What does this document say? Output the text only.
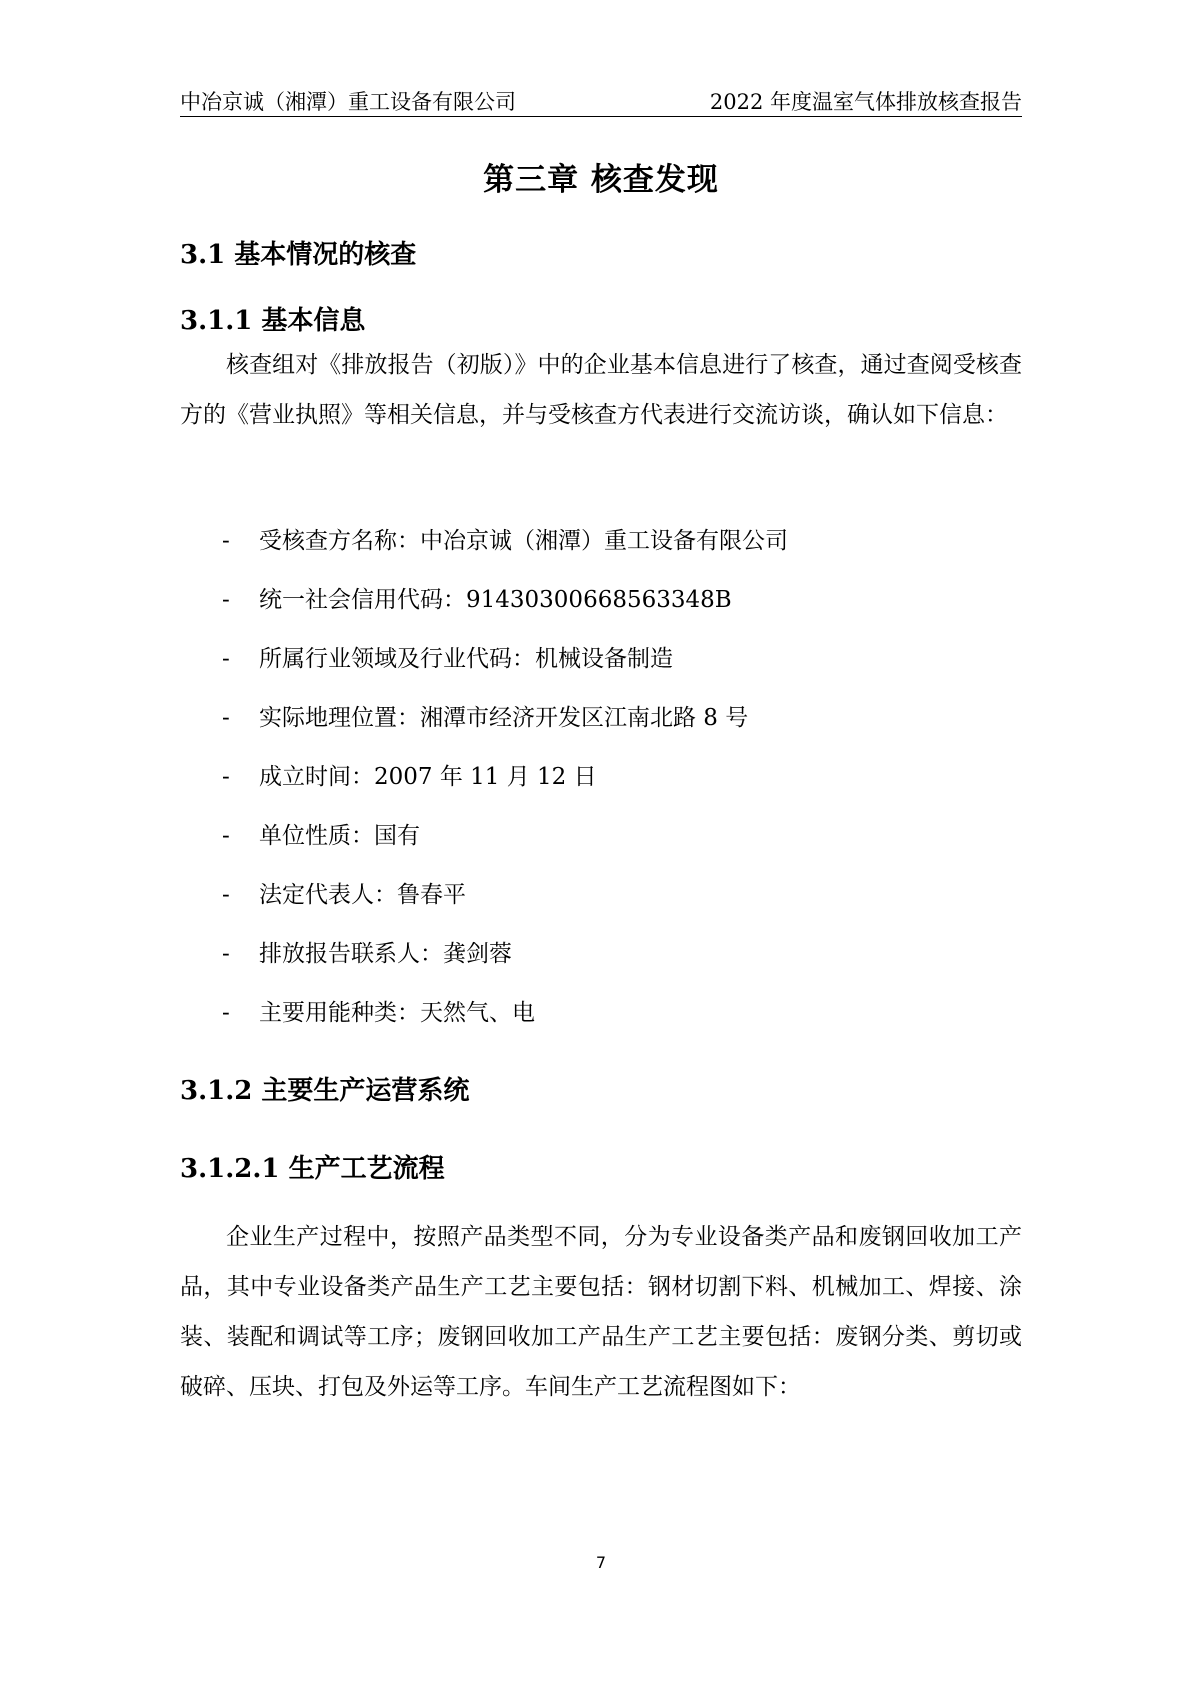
中冶京诚（湘潭）重工设备有限公司	2022 年度温室气体排放核查报告
第三章 核查发现
3.1 基本情况的核查
3.1.1 基本信息
核查组对《排放报告（初版）》中的企业基本信息进行了核查，通过查阅受核查方的《营业执照》等相关信息，并与受核查方代表进行交流访谈，确认如下信息：
- 受核查方名称：中冶京诚（湘潭）重工设备有限公司
- 统一社会信用代码：91430300668563348B
- 所属行业领域及行业代码：机械设备制造
- 实际地理位置：湘潭市经济开发区江南北路 8 号
- 成立时间：2007 年 11 月 12 日
- 单位性质：国有
- 法定代表人：鲁春平
- 排放报告联系人：龚剑蓉
- 主要用能种类：天然气、电
3.1.2 主要生产运营系统
3.1.2.1 生产工艺流程
企业生产过程中，按照产品类型不同，分为专业设备类产品和废钢回收加工产品，其中专业设备类产品生产工艺主要包括：钢材切割下料、机械加工、焊接、涂装、装配和调试等工序；废钢回收加工产品生产工艺主要包括：废钢分类、剪切或破碎、压块、打包及外运等工序。车间生产工艺流程图如下：
7
